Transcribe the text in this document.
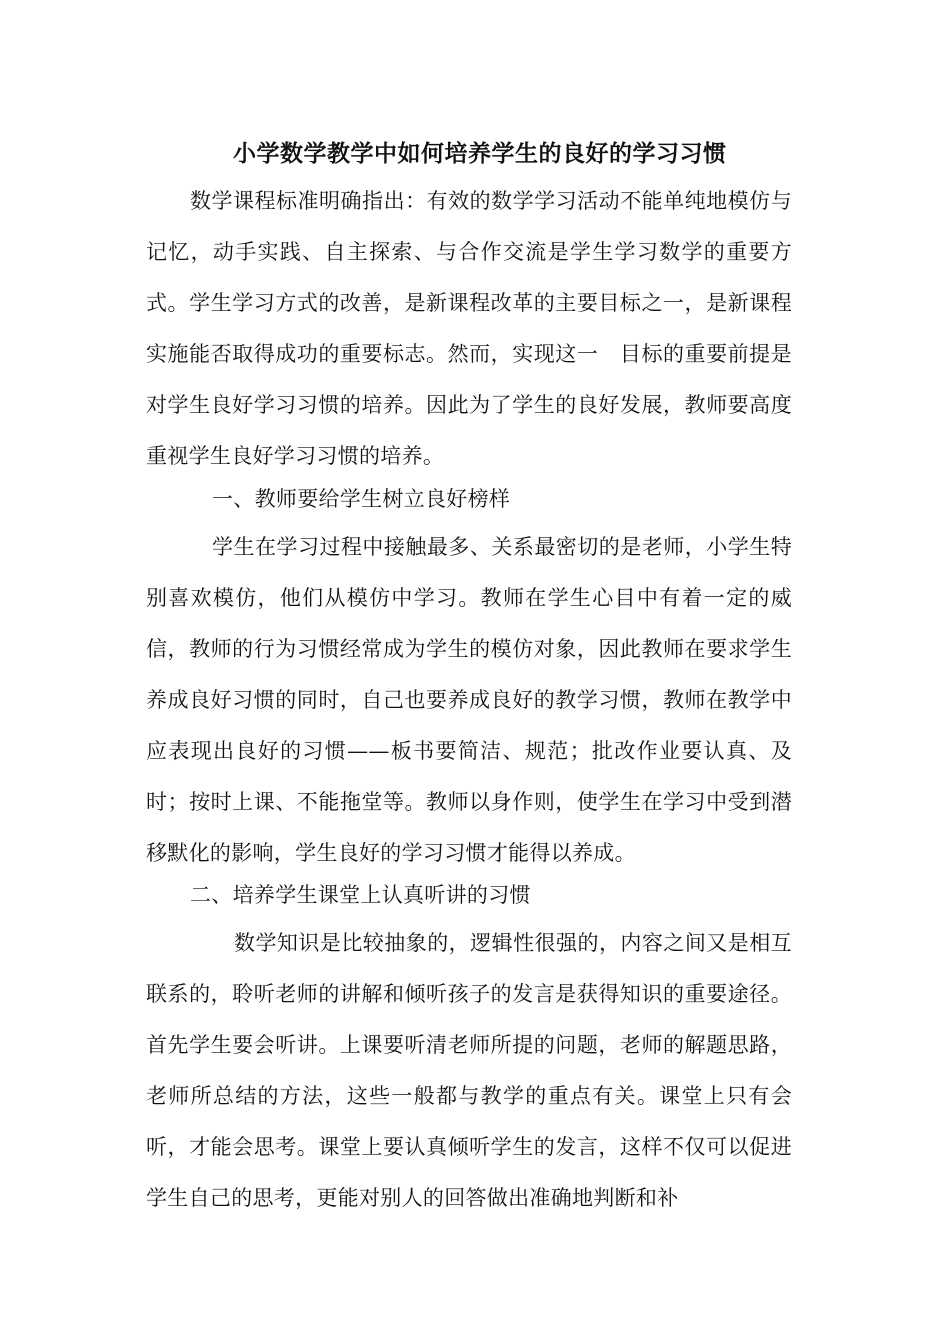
小学数学教学中如何培养学生的良好的学习习惯
数学课程标准明确指出：有效的数学学习活动不能单纯地模仿与记忆，动手实践、自主探索、与合作交流是学生学习数学的重要方式。学生学习方式的改善，是新课程改革的主要目标之一，是新课程实施能否取得成功的重要标志。然而，实现这一　目标的重要前提是对学生良好学习习惯的培养。因此为了学生的良好发展，教师要高度重视学生良好学习习惯的培养。
一、教师要给学生树立良好榜样
学生在学习过程中接触最多、关系最密切的是老师，小学生特别喜欢模仿，他们从模仿中学习。教师在学生心目中有着一定的威信，教师的行为习惯经常成为学生的模仿对象，因此教师在要求学生养成良好习惯的同时，自己也要养成良好的教学习惯，教师在教学中应表现出良好的习惯——板书要简洁、规范；批改作业要认真、及时；按时上课、不能拖堂等。教师以身作则，使学生在学习中受到潜移默化的影响，学生良好的学习习惯才能得以养成。
二、培养学生课堂上认真听讲的习惯
数学知识是比较抽象的，逻辑性很强的，内容之间又是相互联系的，聆听老师的讲解和倾听孩子的发言是获得知识的重要途径。首先学生要会听讲。上课要听清老师所提的问题，老师的解题思路，老师所总结的方法，这些一般都与教学的重点有关。课堂上只有会听，才能会思考。课堂上要认真倾听学生的发言，这样不仅可以促进学生自己的思考，更能对别人的回答做出准确地判断和补
